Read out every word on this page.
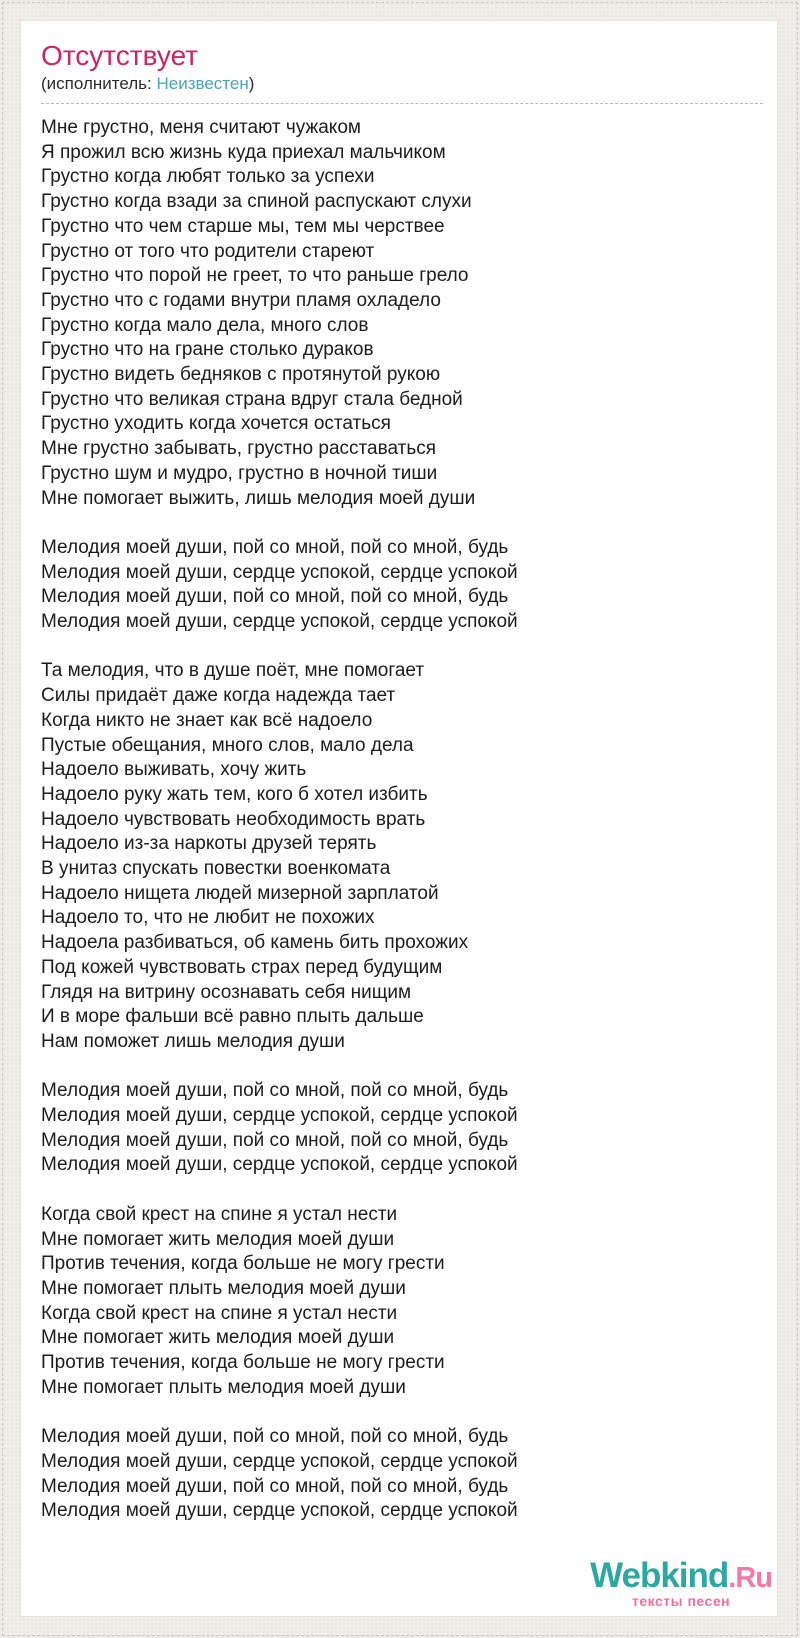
Отсутствует
(исполнитель: Неизвестен)

Мне грустно, меня считают чужаком
Я прожил всю жизнь куда приехал мальчиком
Грустно когда любят только за успехи
Грустно когда взади за спиной распускают слухи
Грустно что чем старше мы, тем мы черствее
Грустно от того что родители стареют
Грустно что порой не греет, то что раньше грело
Грустно что с годами внутри пламя охладело
Грустно когда мало дела, много слов
Грустно что на гране столько дураков
Грустно видеть бедняков с протянутой рукою
Грустно что великая страна вдруг стала бедной
Грустно уходить когда хочется остаться
Мне грустно забывать, грустно расставаться
Грустно шум и мудро, грустно в ночной тиши
Мне помогает выжить, лишь мелодия моей души

Мелодия моей души, пой со мной, пой со мной, будь
Мелодия моей души, сердце успокой, сердце успокой
Мелодия моей души, пой со мной, пой со мной, будь
Мелодия моей души, сердце успокой, сердце успокой

Та мелодия, что в душе поёт, мне помогает
Силы придаёт даже когда надежда тает
Когда никто не знает как всё надоело
Пустые обещания, много слов, мало дела
Надоело выживать, хочу жить
Надоело руку жать тем, кого б хотел избить
Надоело чувствовать необходимость врать
Надоело из-за наркоты друзей терять
В унитаз спускать повестки военкомата
Надоело нищета людей мизерной зарплатой
Надоело то, что не любит не похожих
Надоела разбиваться, об камень бить прохожих
Под кожей чувствовать страх перед будущим
Глядя на витрину осознавать себя нищим
И в море фальши всё равно плыть дальше
Нам поможет лишь мелодия души

Мелодия моей души, пой со мной, пой со мной, будь
Мелодия моей души, сердце успокой, сердце успокой
Мелодия моей души, пой со мной, пой со мной, будь
Мелодия моей души, сердце успокой, сердце успокой

Когда свой крест на спине я устал нести
Мне помогает жить мелодия моей души
Против течения, когда больше не могу грести
Мне помогает плыть мелодия моей души
Когда свой крест на спине я устал нести
Мне помогает жить мелодия моей души
Против течения, когда больше не могу грести
Мне помогает плыть мелодия моей души

Мелодия моей души, пой со мной, пой со мной, будь
Мелодия моей души, сердце успокой, сердце успокой
Мелодия моей души, пой со мной, пой со мной, будь
Мелодия моей души, сердце успокой, сердце успокой

Webkind.Ru
тексты песен
